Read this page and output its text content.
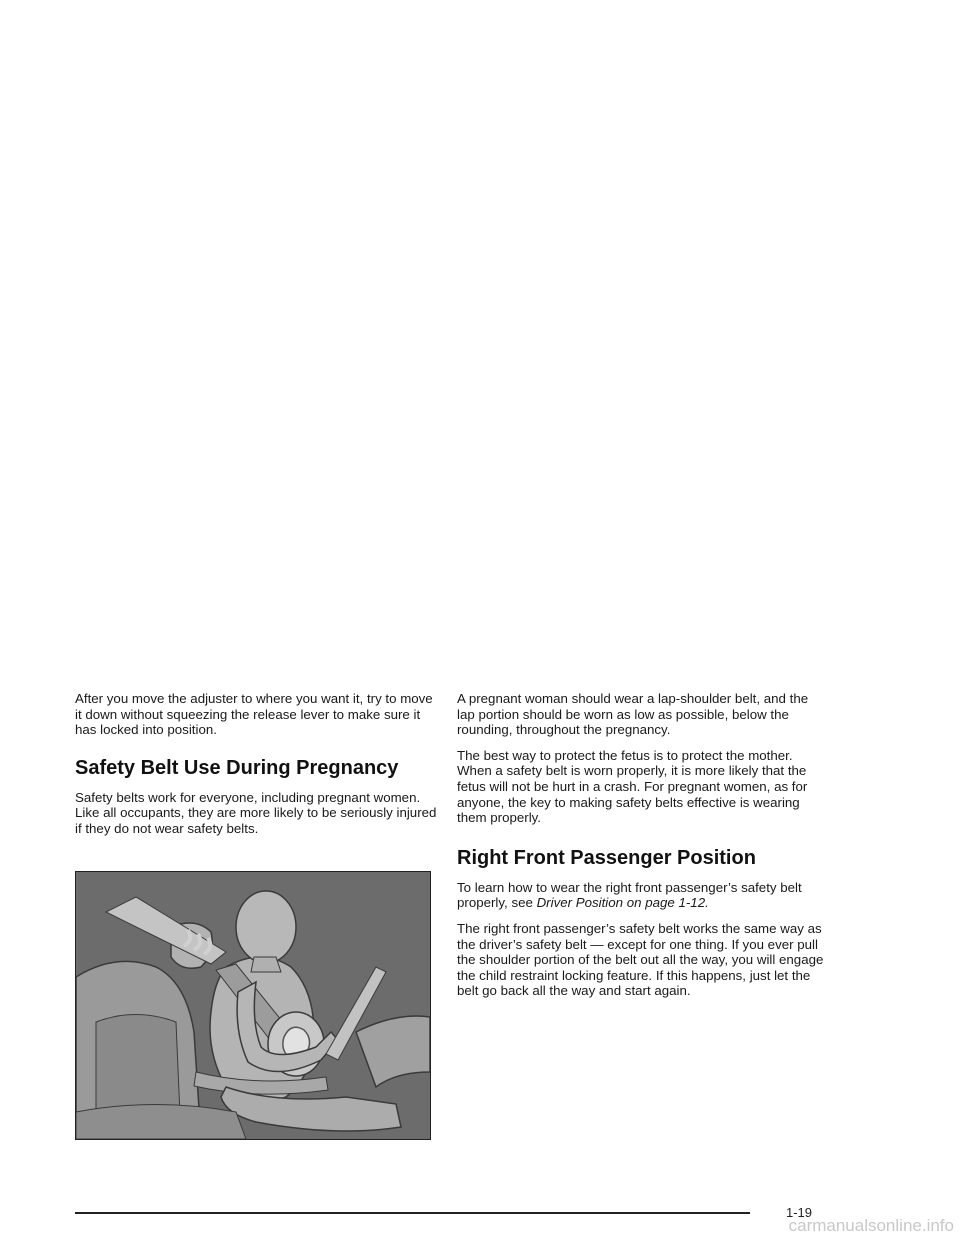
After you move the adjuster to where you want it, try to move it down without squeezing the release lever to make sure it has locked into position.

Safety Belt Use During Pregnancy

Safety belts work for everyone, including pregnant women. Like all occupants, they are more likely to be seriously injured if they do not wear safety belts.

A pregnant woman should wear a lap-shoulder belt, and the lap portion should be worn as low as possible, below the rounding, throughout the pregnancy.

The best way to protect the fetus is to protect the mother. When a safety belt is worn properly, it is more likely that the fetus will not be hurt in a crash. For pregnant women, as for anyone, the key to making safety belts effective is wearing them properly.

Right Front Passenger Position

To learn how to wear the right front passenger’s safety belt properly, see Driver Position on page 1-12.

The right front passenger’s safety belt works the same way as the driver’s safety belt — except for one thing. If you ever pull the shoulder portion of the belt out all the way, you will engage the child restraint locking feature. If this happens, just let the belt go back all the way and start again.

1-19
carmanualsonline.info
